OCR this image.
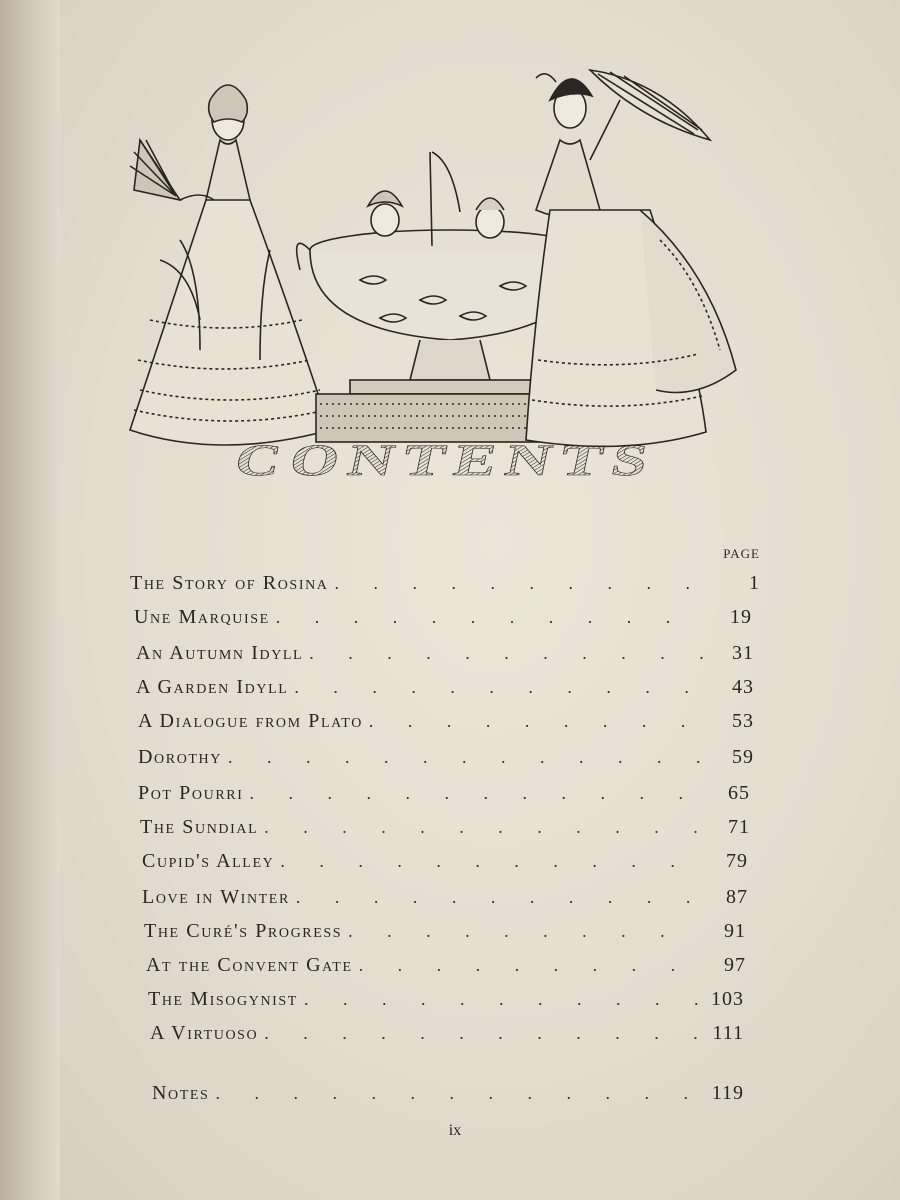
CONTENTS
PAGE
The Story of Rosina . . .	1
Une Marquise . . .	19
An Autumn Idyll . . .	31
A Garden Idyll . . .	43
A Dialogue from Plato . . .	53
Dorothy . . .	59
Pot Pourri . . .	65
The Sundial . . .	71
Cupid's Alley . . .	79
Love in Winter . . .	87
The Curé's Progress . . .	91
At the Convent Gate . . .	97
The Misogynist . . .	103
A Virtuoso . . .	111
Notes . . .	119
ix
